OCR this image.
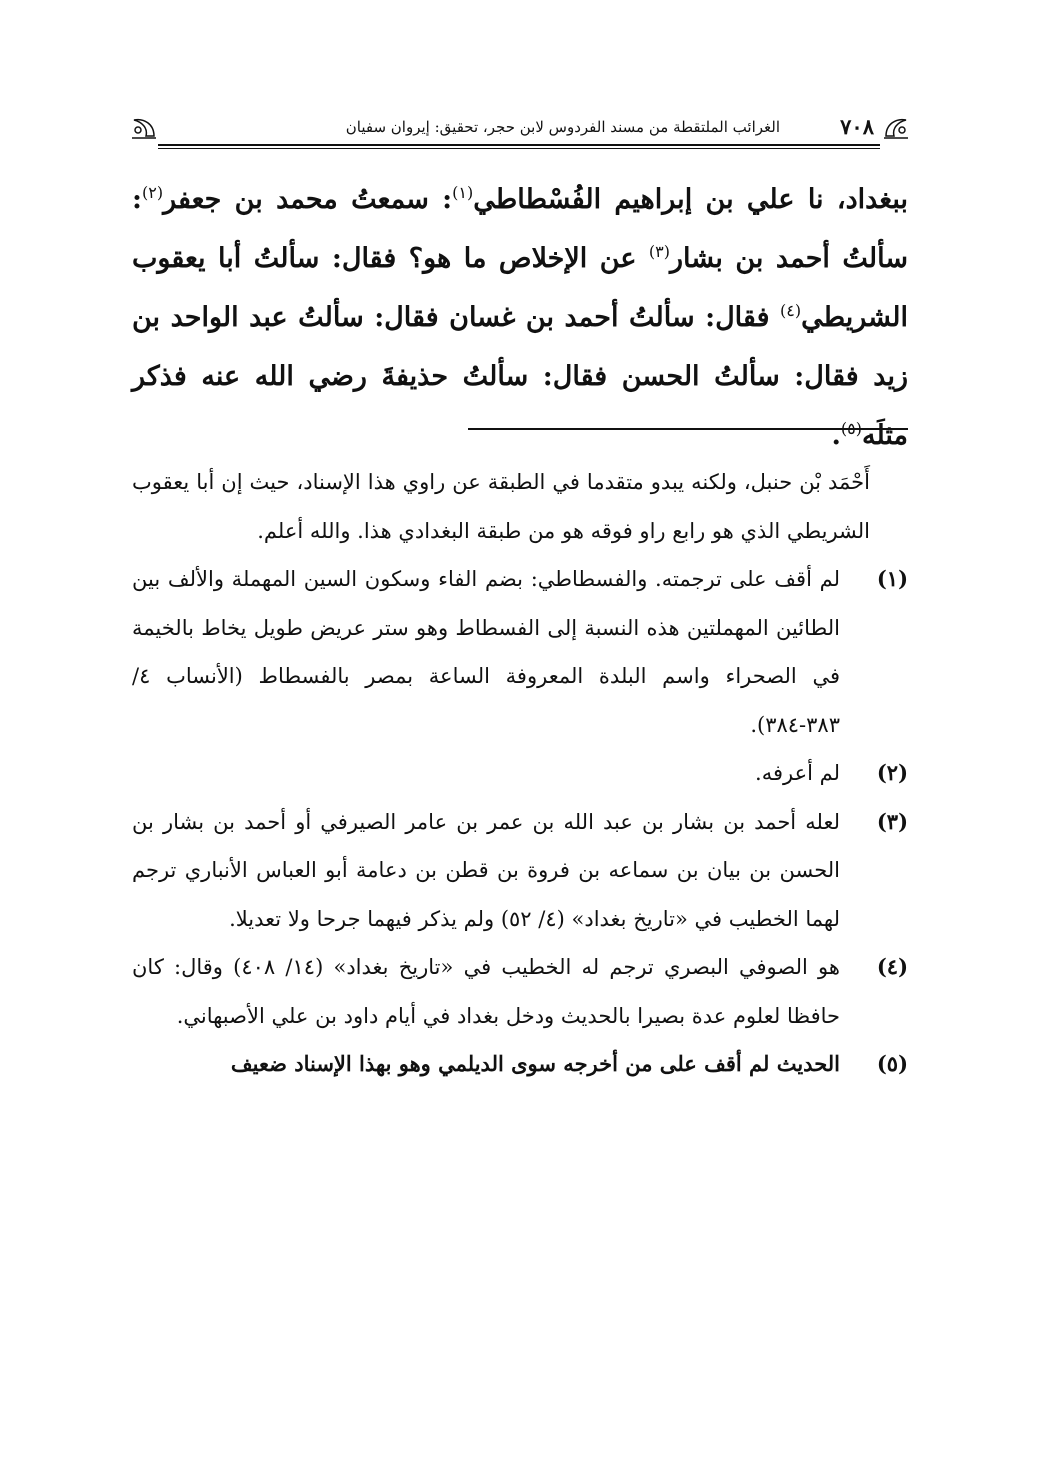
٧٠٨
الغرائب الملتقطة من مسند الفردوس لابن حجر، تحقيق: إيروان سفيان
ببغداد، نا علي بن إبراهيم الفُسْطاطي$^{(١)}$: سمعتُ محمد بن جعفر$^{(٢)}$: سألتُ أحمد بن بشار$^{(٣)}$ عن الإخلاص ما هو؟ فقال: سألتُ أبا يعقوب الشريطي$^{(٤)}$ فقال: سألتُ أحمد بن غسان فقال: سألتُ عبد الواحد بن زيد فقال: سألتُ الحسن فقال: سألتُ حذيفةَ رضي الله عنه فذكر مثلَه$^{(٥)}$.
أَحْمَد بْن حنبل، ولكنه يبدو متقدما في الطبقة عن راوي هذا الإسناد، حيث إن أبا يعقوب الشريطي الذي هو رابع راو فوقه هو من طبقة البغدادي هذا. والله أعلم.
(١)
لم أقف على ترجمته. والفسطاطي: بضم الفاء وسكون السين المهملة والألف بين الطائين المهملتين هذه النسبة إلى الفسطاط وهو ستر عريض طويل يخاط بالخيمة في الصحراء واسم البلدة المعروفة الساعة بمصر بالفسطاط (الأنساب ٤/ ٣٨٣-٣٨٤).
(٢)
لم أعرفه.
(٣)
لعله أحمد بن بشار بن عبد الله بن عمر بن عامر الصيرفي أو أحمد بن بشار بن الحسن بن بيان بن سماعه بن فروة بن قطن بن دعامة أبو العباس الأنباري ترجم لهما الخطيب في «تاريخ بغداد» (٤/ ٥٢) ولم يذكر فيهما جرحا ولا تعديلا.
(٤)
هو الصوفي البصري ترجم له الخطيب في «تاريخ بغداد» (١٤/ ٤٠٨) وقال: كان حافظا لعلوم عدة بصيرا بالحديث ودخل بغداد في أيام داود بن علي الأصبهاني.
(٥)
الحديث لم أقف على من أخرجه سوى الديلمي وهو بهذا الإسناد ضعيف
